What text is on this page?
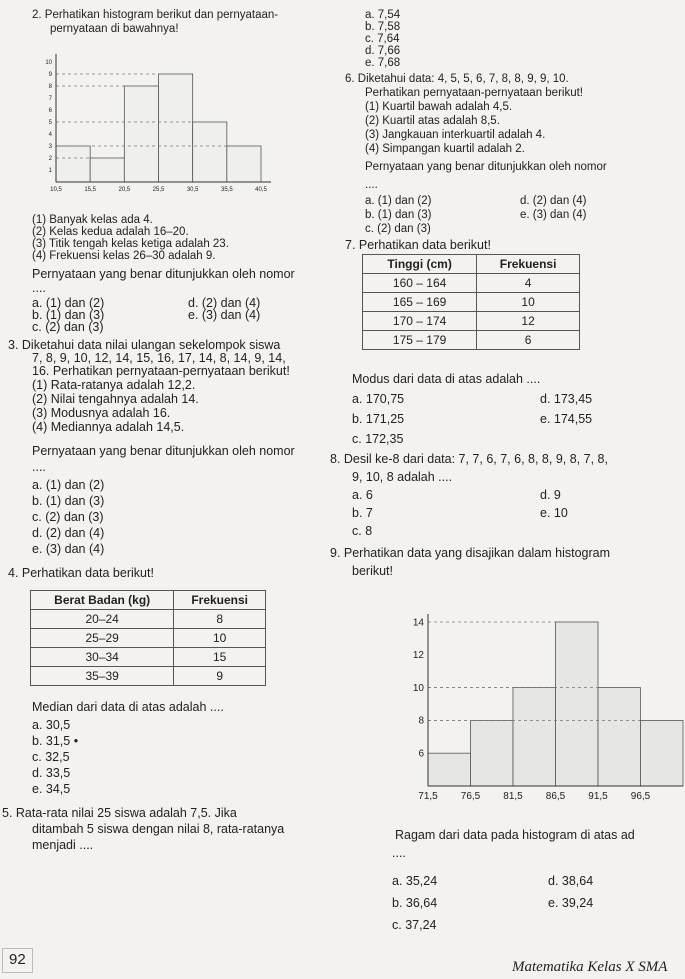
2. Perhatikan histogram berikut dan pernyataan-
pernyataan di bawahnya!
1
2
3
4
5
6
7
8
9
10
10,5	15,5	20,5	25,5	30,5	35,5	40,5
(1) Banyak kelas ada 4.
(2) Kelas kedua adalah 16–20.
(3) Titik tengah kelas ketiga adalah 23.
(4) Frekuensi kelas 26–30 adalah 9.
Pernyataan yang benar ditunjukkan oleh nomor
....
a. (1) dan (2)
b. (1) dan (3)
c. (2) dan (3)
d. (2) dan (4)
e. (3) dan (4)
3. Diketahui data nilai ulangan sekelompok siswa
7, 8, 9, 10, 12, 14, 15, 16, 17, 14, 8, 14, 9, 14,
16. Perhatikan pernyataan-pernyataan berikut!
(1) Rata-ratanya adalah 12,2.
(2) Nilai tengahnya adalah 14.
(3) Modusnya adalah 16.
(4) Mediannya adalah 14,5.
Pernyataan yang benar ditunjukkan oleh nomor
....
a. (1) dan (2)
b. (1) dan (3)
c. (2) dan (3)
d. (2) dan (4)
e. (3) dan (4)
4. Perhatikan data berikut!
Berat Badan (kg)	Frekuensi
20–24	8
25–29	10
30–34	15
35–39	9
Median dari data di atas adalah ....
a. 30,5
b. 31,5 •
c. 32,5
d. 33,5
e. 34,5
5. Rata-rata nilai 25 siswa adalah 7,5. Jika
ditambah 5 siswa dengan nilai 8, rata-ratanya
menjadi ....
a. 7,54
b. 7,58
c. 7,64
d. 7,66
e. 7,68
6. Diketahui data: 4, 5, 5, 6, 7, 8, 8, 9, 9, 10.
Perhatikan pernyataan-pernyataan berikut!
(1) Kuartil bawah adalah 4,5.
(2) Kuartil atas adalah 8,5.
(3) Jangkauan interkuartil adalah 4.
(4) Simpangan kuartil adalah 2.
Pernyataan yang benar ditunjukkan oleh nomor
....
a. (1) dan (2)
b. (1) dan (3)
c. (2) dan (3)
d. (2) dan (4)
e. (3) dan (4)
7. Perhatikan data berikut!
Tinggi (cm)	Frekuensi
160 – 164	4
165 – 169	10
170 – 174	12
175 – 179	6
Modus dari data di atas adalah ....
a. 170,75
b. 171,25
c. 172,35
d. 173,45
e. 174,55
8. Desil ke-8 dari data: 7, 7, 6, 7, 6, 8, 8, 9, 8, 7, 8,
9, 10, 8 adalah ....
a. 6
b. 7
c. 8
d. 9
e. 10
9. Perhatikan data yang disajikan dalam histogram
berikut!
6
8
10
12
14
71,5 76,5 81,5 86,5 91,5 96,5
Ragam dari data pada histogram di atas ad
....
a. 35,24
b. 36,64
c. 37,24
d. 38,64
e. 39,24
92	Matematika Kelas X SMA
